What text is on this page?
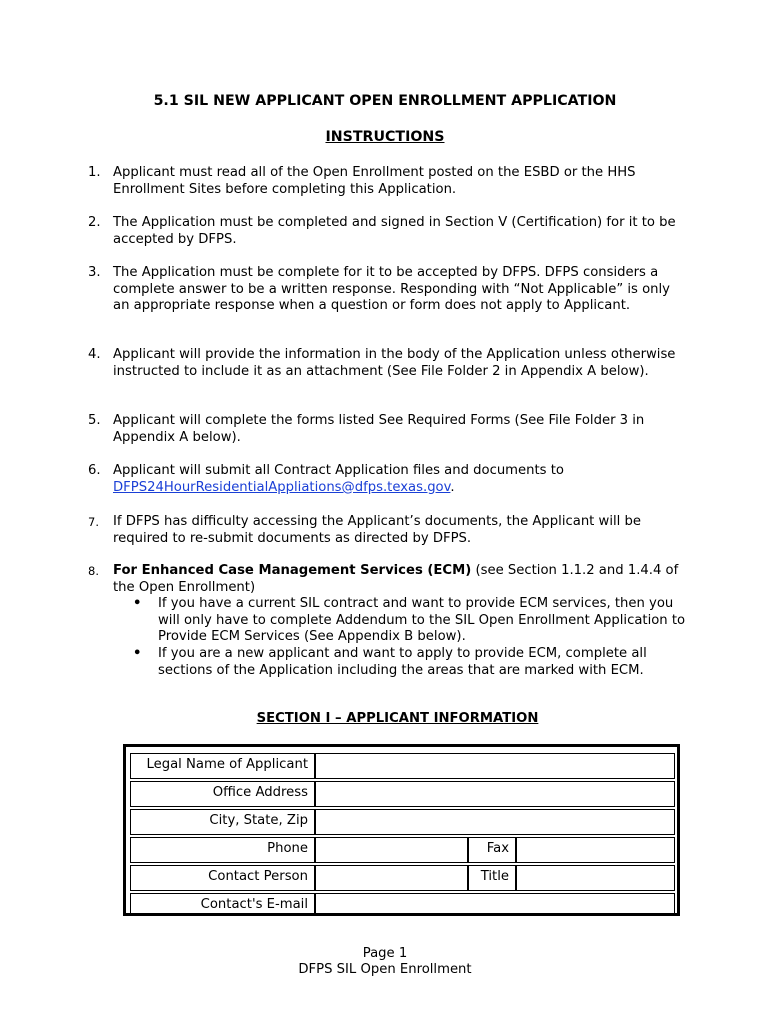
5.1 SIL NEW APPLICANT OPEN ENROLLMENT APPLICATION
INSTRUCTIONS
1. Applicant must read all of the Open Enrollment posted on the ESBD or the HHS Enrollment Sites before completing this Application.
2. The Application must be completed and signed in Section V (Certification) for it to be accepted by DFPS.
3. The Application must be complete for it to be accepted by DFPS. DFPS considers a complete answer to be a written response. Responding with “Not Applicable” is only an appropriate response when a question or form does not apply to Applicant.
4. Applicant will provide the information in the body of the Application unless otherwise instructed to include it as an attachment (See File Folder 2 in Appendix A below).
5. Applicant will complete the forms listed See Required Forms (See File Folder 3 in Appendix A below).
6. Applicant will submit all Contract Application files and documents to
DFPS24HourResidentialAppliations@dfps.texas.gov.
7. If DFPS has difficulty accessing the Applicant’s documents, the Applicant will be required to re-submit documents as directed by DFPS.
8. For Enhanced Case Management Services (ECM) (see Section 1.1.2 and 1.4.4 of the Open Enrollment)
• If you have a current SIL contract and want to provide ECM services, then you will only have to complete Addendum to the SIL Open Enrollment Application to Provide ECM Services (See Appendix B below).
• If you are a new applicant and want to apply to provide ECM, complete all sections of the Application including the areas that are marked with ECM.
SECTION I – APPLICANT INFORMATION
Legal Name of Applicant
Office Address
City, State, Zip
Phone	Fax
Contact Person	Title
Contact's E-mail
Page 1
DFPS SIL Open Enrollment
